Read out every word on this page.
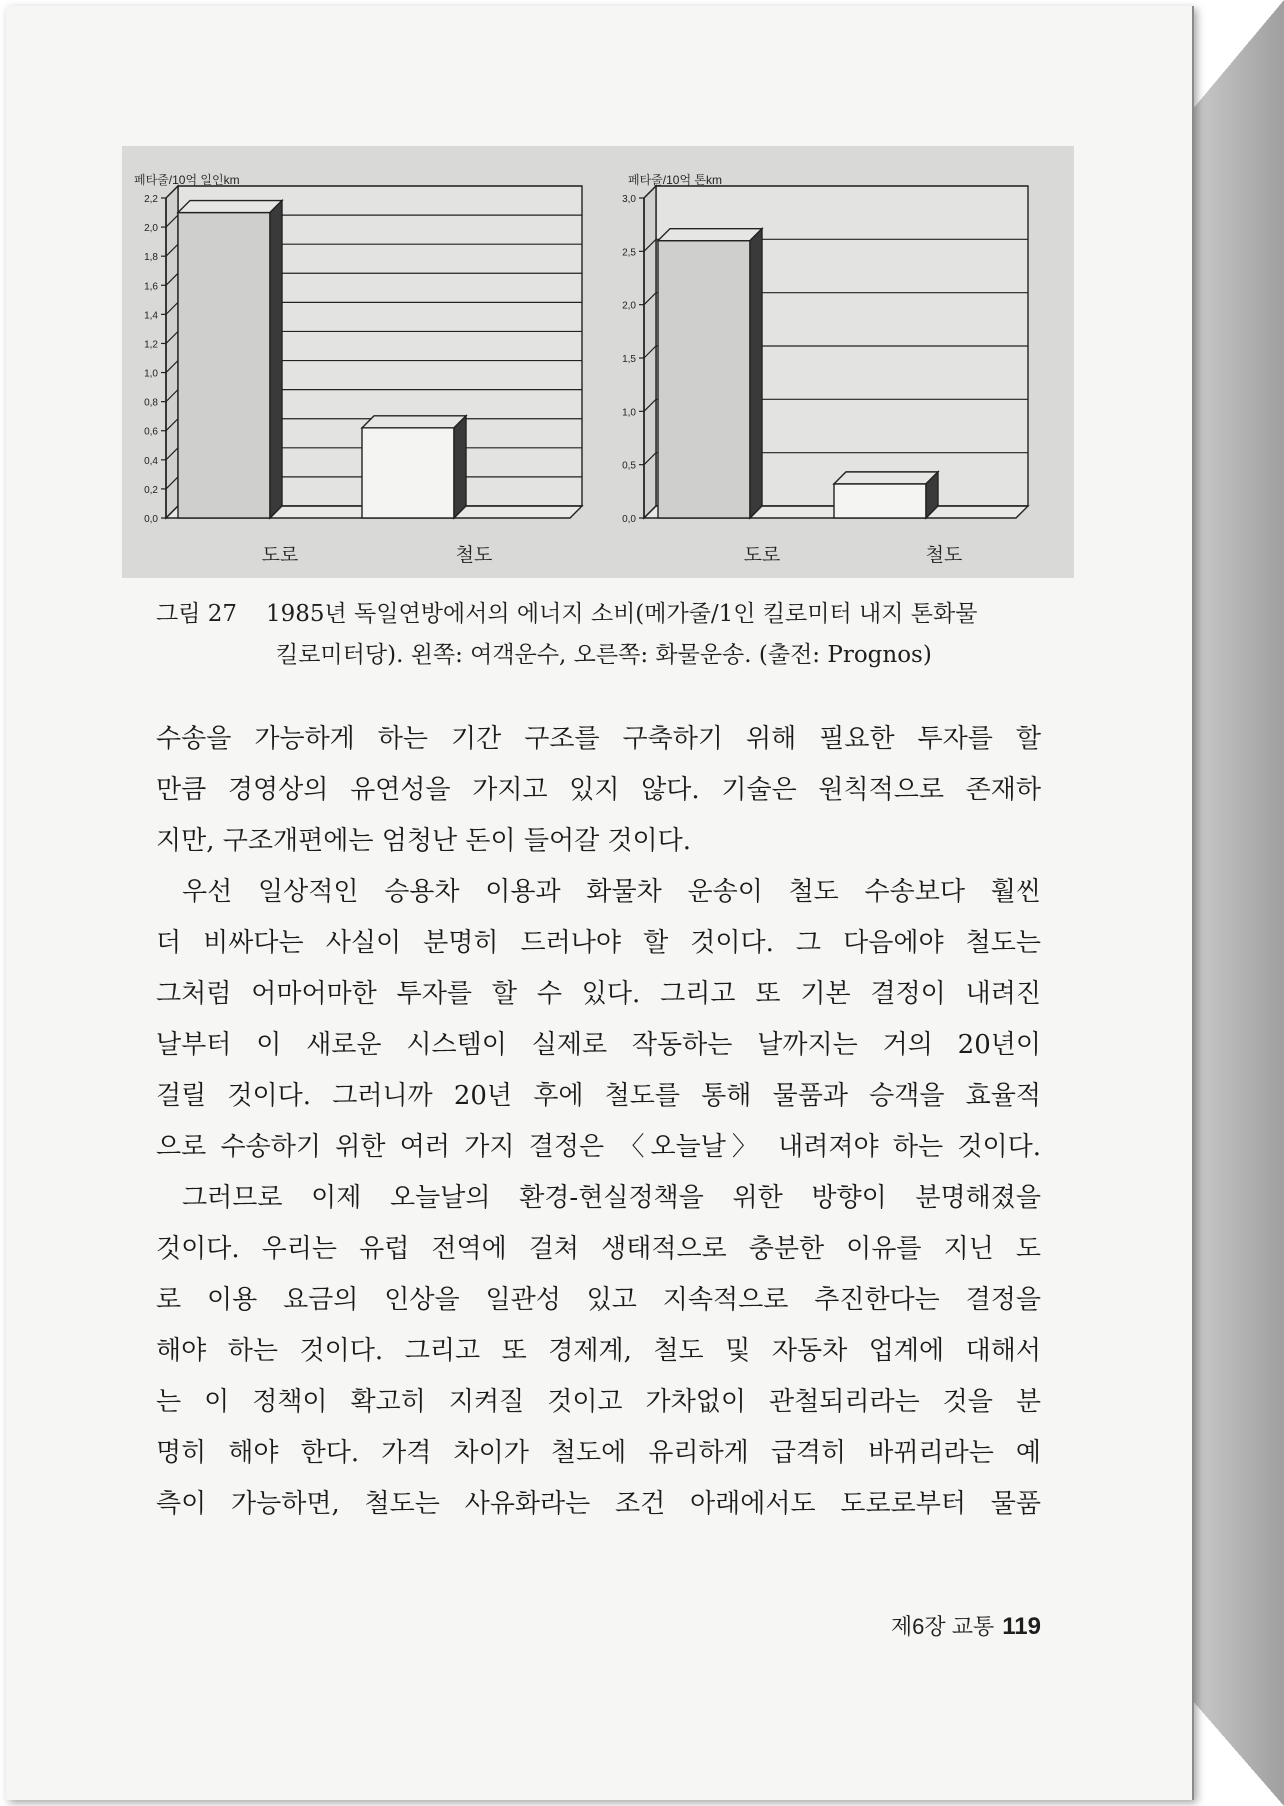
0,0
0,2
0,4
0,6
0,8
1,0
1,2
1,4
1,6
1,8
2,0
2,2
페타줄/10억 일인km
도로	철도
0,0
0,5
1,0
1,5
2,0
2,5
3,0
페타줄/10억 톤km
도로	철도
그림 27 1985년 독일연방에서의 에너지 소비(메가줄/1인 킬로미터 내지 톤화물
킬로미터당). 왼쪽: 여객운수, 오른쪽: 화물운송. (출전: Prognos)
수송을 가능하게 하는 기간 구조를 구축하기 위해 필요한 투자를 할
만큼 경영상의 유연성을 가지고 있지 않다. 기술은 원칙적으로 존재하
지만, 구조개편에는 엄청난 돈이 들어갈 것이다.
우선 일상적인 승용차 이용과 화물차 운송이 철도 수송보다 훨씬
더 비싸다는 사실이 분명히 드러나야 할 것이다. 그 다음에야 철도는
그처럼 어마어마한 투자를 할 수 있다. 그리고 또 기본 결정이 내려진
날부터 이 새로운 시스템이 실제로 작동하는 날까지는 거의 20년이
걸릴 것이다. 그러니까 20년 후에 철도를 통해 물품과 승객을 효율적
으로 수송하기 위한 여러 가지 결정은 〈오늘날〉 내려져야 하는 것이다.
그러므로 이제 오늘날의 환경-현실정책을 위한 방향이 분명해졌을
것이다. 우리는 유럽 전역에 걸쳐 생태적으로 충분한 이유를 지닌 도
로 이용 요금의 인상을 일관성 있고 지속적으로 추진한다는 결정을
해야 하는 것이다. 그리고 또 경제계, 철도 및 자동차 업계에 대해서
는 이 정책이 확고히 지켜질 것이고 가차없이 관철되리라는 것을 분
명히 해야 한다. 가격 차이가 철도에 유리하게 급격히 바뀌리라는 예
측이 가능하면, 철도는 사유화라는 조건 아래에서도 도로로부터 물품
제6장 교통 119
